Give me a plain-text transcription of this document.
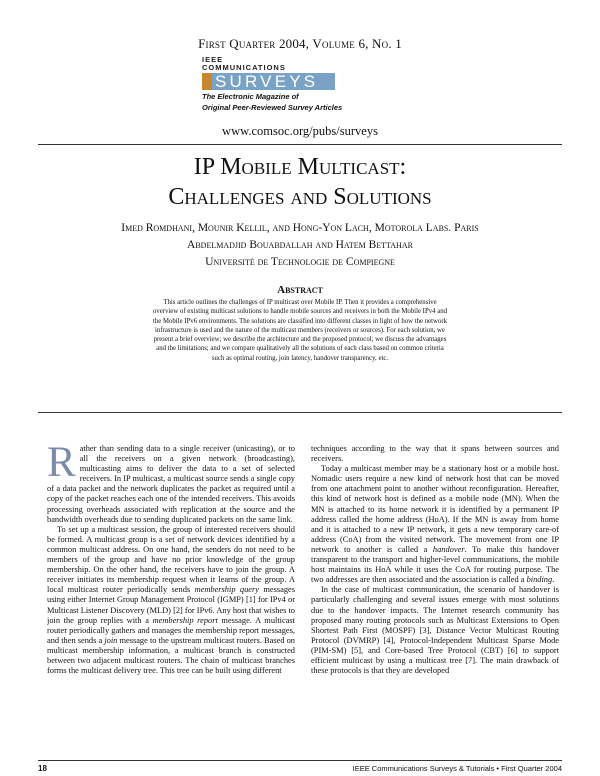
First Quarter 2004, Volume 6, No. 1
IEEE
COMMUNICATIONS
SURVEYS
The Electronic Magazine of
Original Peer-Reviewed Survey Articles
www.comsoc.org/pubs/surveys
IP Mobile Multicast:
Challenges and Solutions
Imed Romdhani, Mounir Kellil, and Hong-Yon Lach, Motorola Labs. Paris
Abdelmadjid Bouabdallah and Hatem Bettahar
Université de Technologie de Compiegne
Abstract
This article outlines the challenges of IP multicast over Mobile IP. Then it provides a comprehensive overview of existing multicast solutions to handle mobile sources and receivers in both the Mobile IPv4 and the Mobile IPv6 environments. The solutions are classified into different classes in light of how the network infrastructure is used and the nature of the multicast members (receivers or sources). For each solution, we present a brief overview; we describe the architecture and the proposed protocol; we discuss the advantages and the limitations; and we compare qualitatively all the solutions of each class based on common criteria such as optimal routing, join latency, handover transparency, etc.

Rather than sending data to a single receiver (unicasting), or to all the receivers on a given network (broadcasting), multicasting aims to deliver the data to a set of selected receivers. In IP multicast, a multicast source sends a single copy of a data packet and the network duplicates the packet as required until a copy of the packet reaches each one of the intended receivers. This avoids processing overheads associated with replication at the source and the bandwidth overheads due to sending duplicated packets on the same link.

To set up a multicast session, the group of interested receivers should be formed. A multicast group is a set of network devices identified by a common multicast address. On one hand, the senders do not need to be members of the group and have no prior knowledge of the group membership. On the other hand, the receivers have to join the group. A receiver initiates its membership request when it learns of the group. A local multicast router periodically sends membership query messages using either Internet Group Management Protocol (IGMP) [1] for IPv4 or Multicast Listener Discovery (MLD) [2] for IPv6. Any host that wishes to join the group replies with a membership report message. A multicast router periodically gathers and manages the membership report messages, and then sends a join message to the upstream multicast routers. Based on multicast membership information, a multicast branch is constructed between two adjacent multicast routers. The chain of multicast branches forms the multicast delivery tree. This tree can be built using different

techniques according to the way that it spans between sources and receivers.

Today a multicast member may be a stationary host or a mobile host. Nomadic users require a new kind of network host that can be moved from one attachment point to another without reconfiguration. Hereafter, this kind of network host is defined as a mobile node (MN). When the MN is attached to its home network it is identified by a permanent IP address called the home address (HoA). If the MN is away from home and it is attached to a new IP network, it gets a new temporary care-of address (CoA) from the visited network. The movement from one IP network to another is called a handover. To make this handover transparent to the transport and higher-level communications, the mobile host maintains its HoA while it uses the CoA for routing purpose. The two addresses are then associated and the association is called a binding.

In the case of multicast communication, the scenario of handover is particularly challenging and several issues emerge with most solutions due to the handover impacts. The Internet research community has proposed many routing protocols such as Multicast Extensions to Open Shortest Path First (MOSPF) [3], Distance Vector Multicast Routing Protocol (DVMRP) [4], Protocol-Independent Multicast Sparse Mode (PIM-SM) [5], and Core-based Tree Protocol (CBT) [6] to support efficient multicast by using a multicast tree [7]. The main drawback of these protocols is that they are developed

18	IEEE Communications Surveys & Tutorials • First Quarter 2004
